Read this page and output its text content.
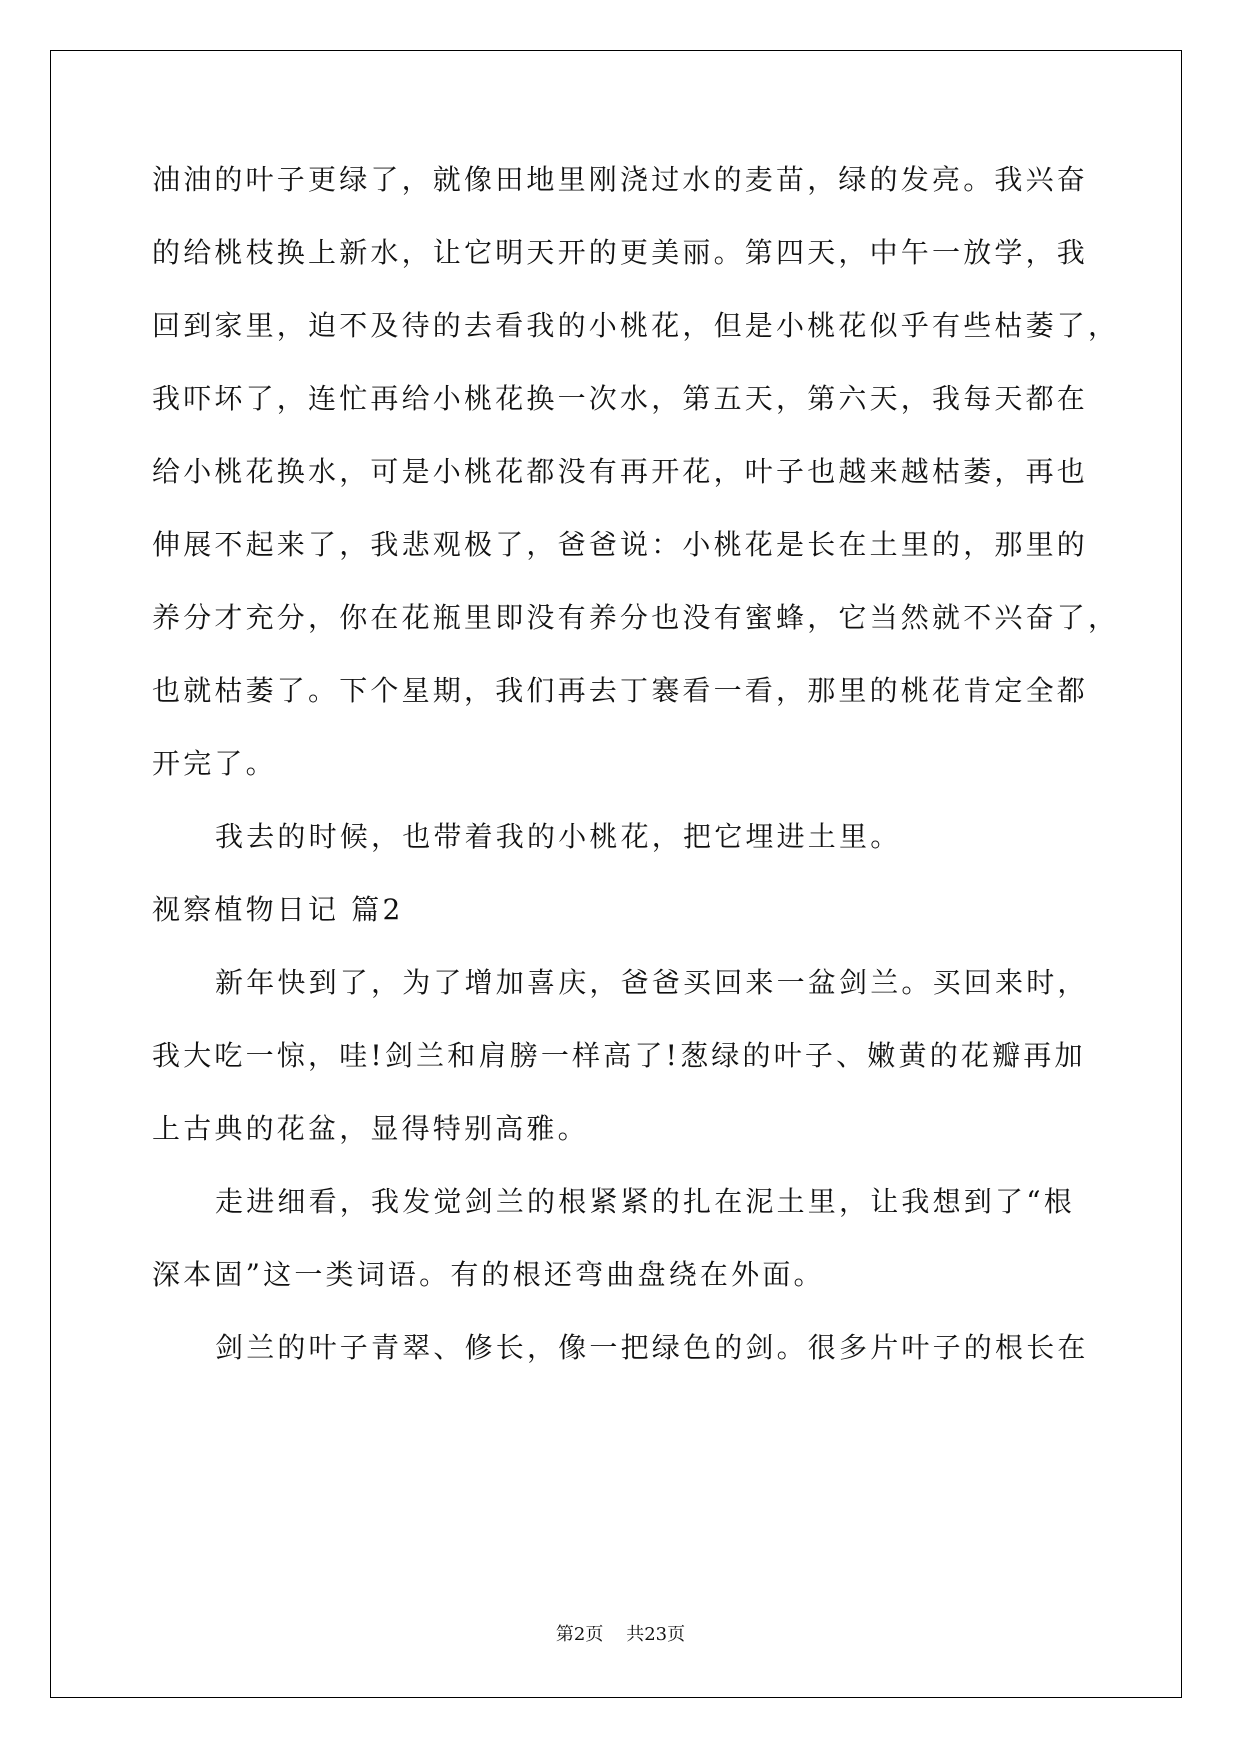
油油的叶子更绿了，就像田地里刚浇过水的麦苗，绿的发亮。我兴奋
的给桃枝换上新水，让它明天开的更美丽。第四天，中午一放学，我
回到家里，迫不及待的去看我的小桃花，但是小桃花似乎有些枯萎了，
我吓坏了，连忙再给小桃花换一次水，第五天，第六天，我每天都在
给小桃花换水，可是小桃花都没有再开花，叶子也越来越枯萎，再也
伸展不起来了，我悲观极了，爸爸说：小桃花是长在土里的，那里的
养分才充分，你在花瓶里即没有养分也没有蜜蜂，它当然就不兴奋了，
也就枯萎了。下个星期，我们再去丁褰看一看，那里的桃花肯定全都
开完了。
我去的时候，也带着我的小桃花，把它埋进土里。
视察植物日记 篇2
新年快到了，为了增加喜庆，爸爸买回来一盆剑兰。买回来时，
我大吃一惊，哇!剑兰和肩膀一样高了!葱绿的叶子、嫩黄的花瓣再加
上古典的花盆，显得特别高雅。
走进细看，我发觉剑兰的根紧紧的扎在泥土里，让我想到了“根
深本固”这一类词语。有的根还弯曲盘绕在外面。
剑兰的叶子青翠、修长，像一把绿色的剑。很多片叶子的根长在
第2页 共23页
